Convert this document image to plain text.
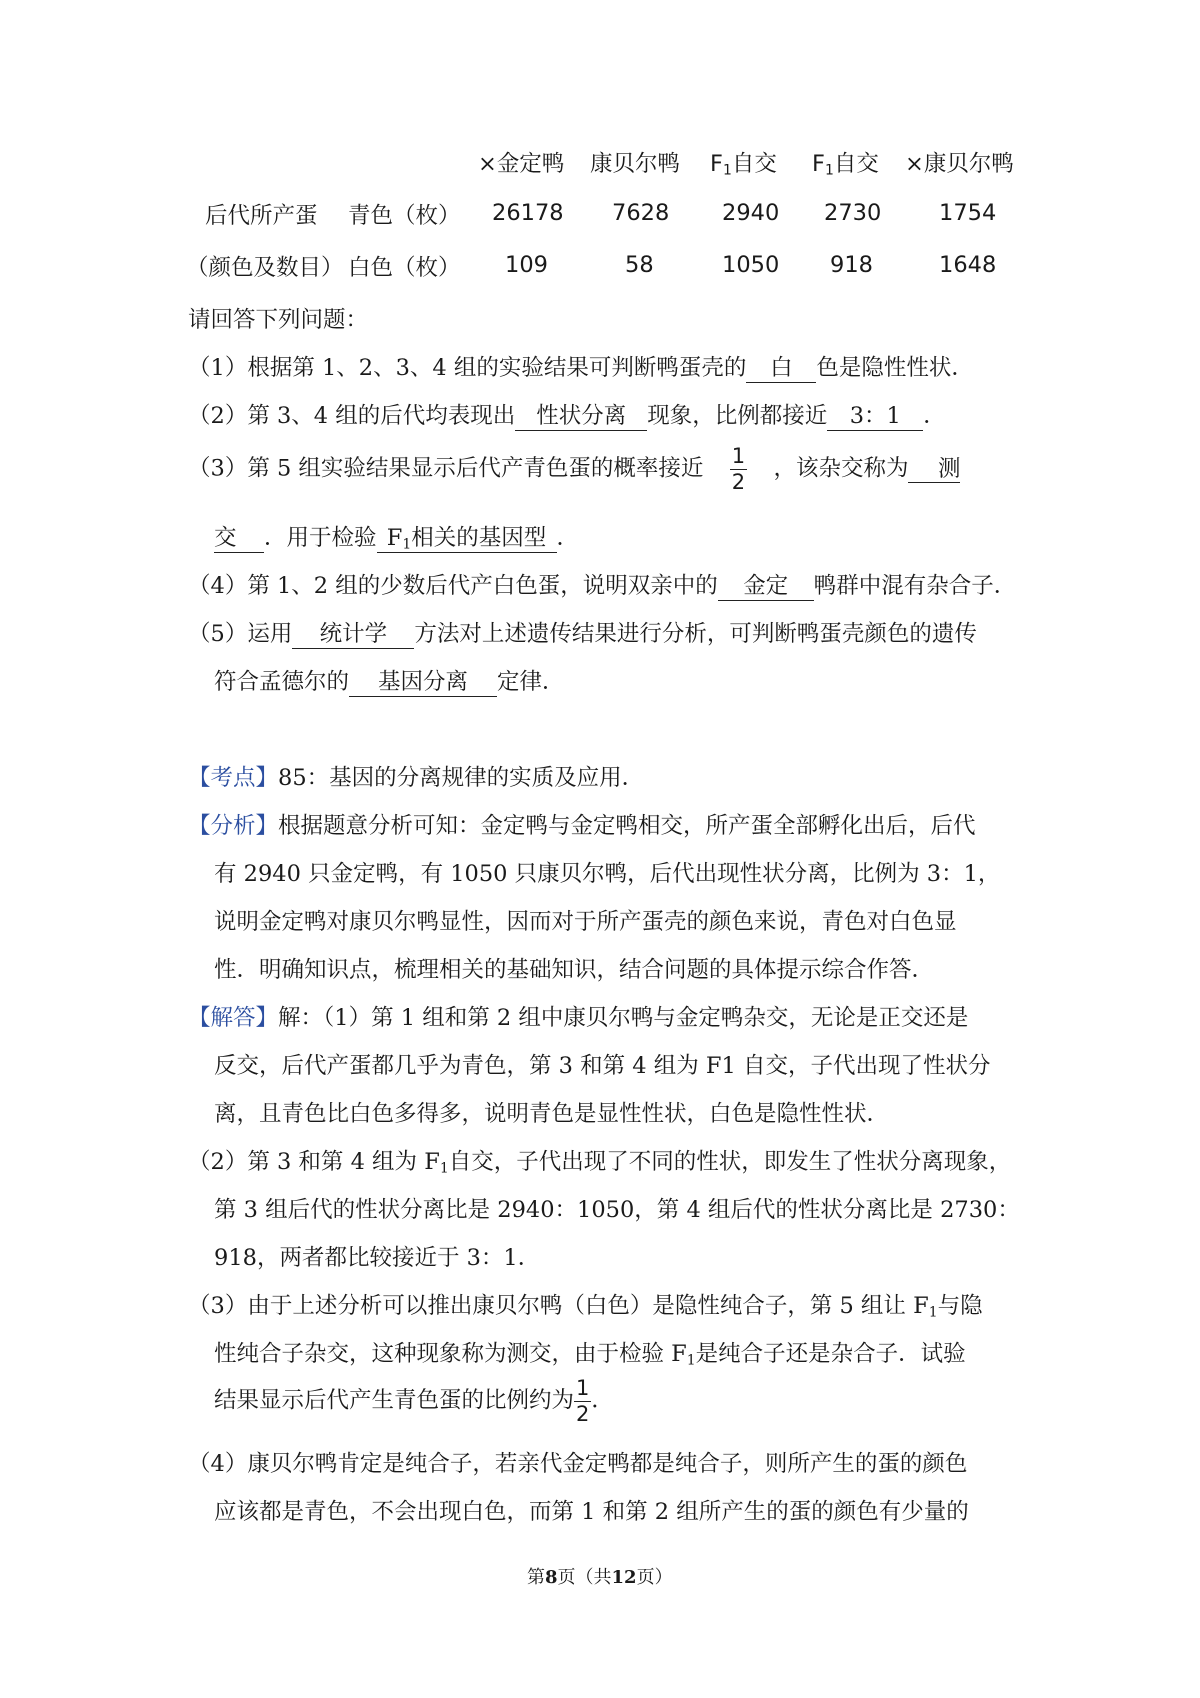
×金定鸭 康贝尔鸭 $F_1$自交 $F_1$自交 ×康贝尔鸭
后代所产蛋 青色（枚） 26178 7628 2940 2730	1754
（颜色及数目） 白色（枚） 109	58	1050 918	1648
请回答下列问题：
（1）根据第 1、2、3、4 组的实验结果可判断鸭蛋壳的 白 色是隐性性状．
（2）第 3、4 组的后代均表现出 性状分离 现象，比例都接近 3：1 ．
（3）第 5 组实验结果显示后代产青色蛋的概率接近 $\frac{1}{2}$ ，该杂交称为 测
交 ．用于检验 $F_1$相关的基因型 ．
（4）第 1、2 组的少数后代产白色蛋，说明双亲中的 金定 鸭群中混有杂合子．
（5）运用 统计学 方法对上述遗传结果进行分析，可判断鸭蛋壳颜色的遗传
符合孟德尔的 基因分离 定律．
【考点】85：基因的分离规律的实质及应用．
【分析】根据题意分析可知：金定鸭与金定鸭相交，所产蛋全部孵化出后，后代
有 2940 只金定鸭，有 1050 只康贝尔鸭，后代出现性状分离，比例为 3：1，
说明金定鸭对康贝尔鸭显性，因而对于所产蛋壳的颜色来说，青色对白色显
性．明确知识点，梳理相关的基础知识，结合问题的具体提示综合作答．
【解答】解：（1）第 1 组和第 2 组中康贝尔鸭与金定鸭杂交，无论是正交还是
反交，后代产蛋都几乎为青色，第 3 和第 4 组为 F1 自交，子代出现了性状分
离，且青色比白色多得多，说明青色是显性性状，白色是隐性性状．
（2）第 3 和第 4 组为 $F_1$自交，子代出现了不同的性状，即发生了性状分离现象，
第 3 组后代的性状分离比是 2940：1050，第 4 组后代的性状分离比是 2730：
918，两者都比较接近于 3：1．
（3）由于上述分析可以推出康贝尔鸭（白色）是隐性纯合子，第 5 组让 $F_1$与隐
性纯合子杂交，这种现象称为测交，由于检验 $F_1$是纯合子还是杂合子．试验
结果显示后代产生青色蛋的比例约为 $\frac{1}{2}$ ．
（4）康贝尔鸭肯定是纯合子，若亲代金定鸭都是纯合子，则所产生的蛋的颜色
应该都是青色，不会出现白色，而第 1 和第 2 组所产生的蛋的颜色有少量的
第8页（共12页）
